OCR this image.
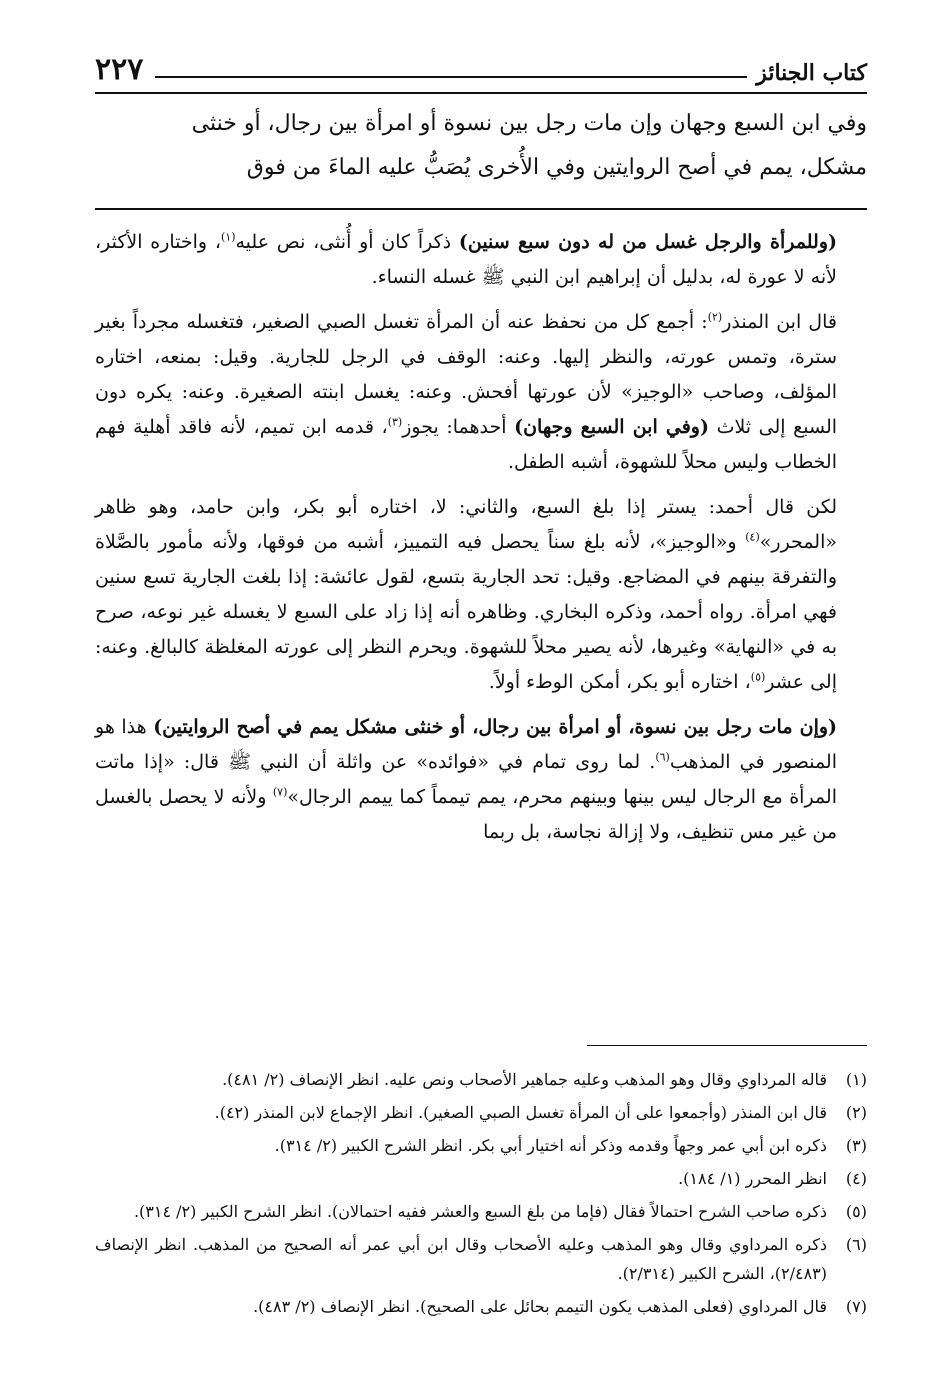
كتاب الجنائز
٢٢٧
وفي ابن السبع وجهان وإن مات رجل بين نسوة أو امرأة بين رجال، أو خنثى
مشكل، يمم في أصح الروايتين وفي الأُخرى يُصَبُّ عليه الماءَ من فوق

(وللمرأة والرجل غسل من له دون سبع سنين) ذكراً كان أو أُنثى، نص عليه$^{(١)}$، واختاره الأكثر، لأنه لا عورة له، بدليل أن إبراهيم ابن النبي ﷺ غسله النساء.

قال ابن المنذر$^{(٢)}$: أجمع كل من نحفظ عنه أن المرأة تغسل الصبي الصغير، فتغسله مجرداً بغير سترة، وتمس عورته، والنظر إليها. وعنه: الوقف في الرجل للجارية. وقيل: بمنعه، اختاره المؤلف، وصاحب «الوجيز» لأن عورتها أفحش. وعنه: يغسل ابنته الصغيرة. وعنه: يكره دون السبع إلى ثلاث (وفي ابن السبع وجهان) أحدهما: يجوز$^{(٣)}$، قدمه ابن تميم، لأنه فاقد أهلية فهم الخطاب وليس محلاً للشهوة، أشبه الطفل.

لكن قال أحمد: يستر إذا بلغ السبع، والثاني: لا، اختاره أبو بكر، وابن حامد، وهو ظاهر «المحرر»$^{(٤)}$ و«الوجيز»، لأنه بلغ سناً يحصل فيه التمييز، أشبه من فوقها، ولأنه مأمور بالصَّلاة والتفرقة بينهم في المضاجع. وقيل: تحد الجارية بتسع، لقول عائشة: إذا بلغت الجارية تسع سنين فهي امرأة. رواه أحمد، وذكره البخاري. وظاهره أنه إذا زاد على السبع لا يغسله غير نوعه، صرح به في «النهاية» وغيرها، لأنه يصير محلاً للشهوة. ويحرم النظر إلى عورته المغلظة كالبالغ. وعنه: إلى عشر$^{(٥)}$، اختاره أبو بكر، أمكن الوطء أولاً.

(وإن مات رجل بين نسوة، أو امرأة بين رجال، أو خنثى مشكل يمم في أصح الروايتين) هذا هو المنصور في المذهب$^{(٦)}$. لما روى تمام في «فوائده» عن واثلة أن النبي ﷺ قال: «إذا ماتت المرأة مع الرجال ليس بينها وبينهم محرم، يمم تيمماً كما ييمم الرجال»$^{(٧)}$ ولأنه لا يحصل بالغسل من غير مس تنظيف، ولا إزالة نجاسة، بل ربما

(١)
قاله المرداوي وقال وهو المذهب وعليه جماهير الأصحاب ونص عليه. انظر الإنصاف (٢/ ٤٨١).
(٢)
قال ابن المنذر (وأجمعوا على أن المرأة تغسل الصبي الصغير). انظر الإجماع لابن المنذر (٤٢).
(٣)
ذكره ابن أبي عمر وجهاً وقدمه وذكر أنه اختيار أبي بكر. انظر الشرح الكبير (٢/ ٣١٤).
(٤)
انظر المحرر (١/ ١٨٤).
(٥)
ذكره صاحب الشرح احتمالاً فقال (فإما من بلغ السبع والعشر ففيه احتمالان). انظر الشرح الكبير (٢/ ٣١٤).
(٦)
ذكره المرداوي وقال وهو المذهب وعليه الأصحاب وقال ابن أبي عمر أنه الصحيح من المذهب. انظر الإنصاف (٢/٤٨٣)، الشرح الكبير (٢/٣١٤).
(٧)
قال المرداوي (فعلى المذهب يكون التيمم بحائل على الصحيح). انظر الإنصاف (٢/ ٤٨٣).
